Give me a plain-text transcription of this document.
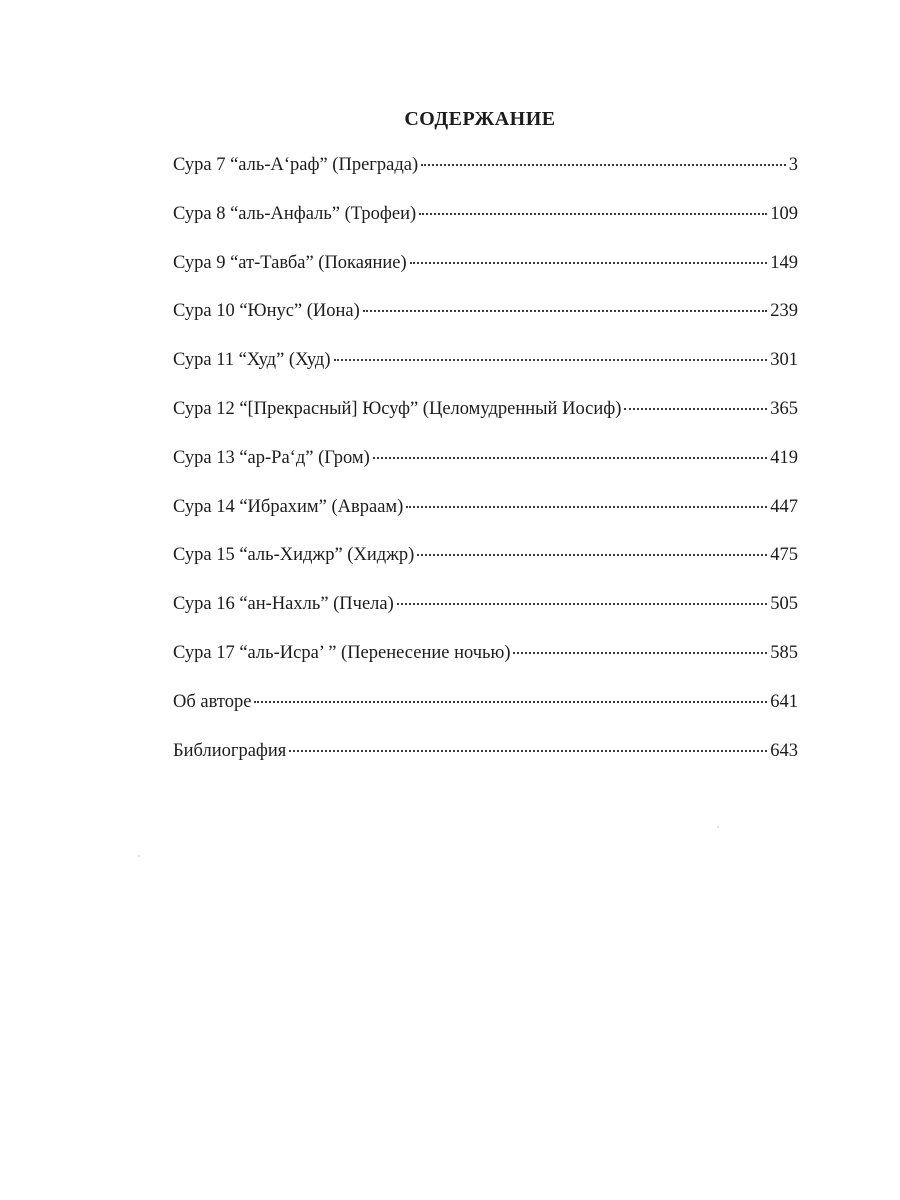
СОДЕРЖАНИЕ
Сура 7 “аль-А‘раф” (Преграда)	3
Сура 8 “аль-Анфаль” (Трофеи)	109
Сура 9 “ат-Тавба” (Покаяние)	149
Сура 10 “Юнус” (Иона)	239
Сура 11 “Худ” (Худ)	301
Сура 12 “[Прекрасный] Юсуф” (Целомудренный Иосиф)	365
Сура 13 “ар-Ра‘д” (Гром)	419
Сура 14 “Ибрахим” (Авраам)	447
Сура 15 “аль-Хиджр” (Хиджр)	475
Сура 16 “ан-Нахль” (Пчела)	505
Сура 17 “аль-Исра’ ” (Перенесение ночью)	585
Об авторе	641
Библиография	643
